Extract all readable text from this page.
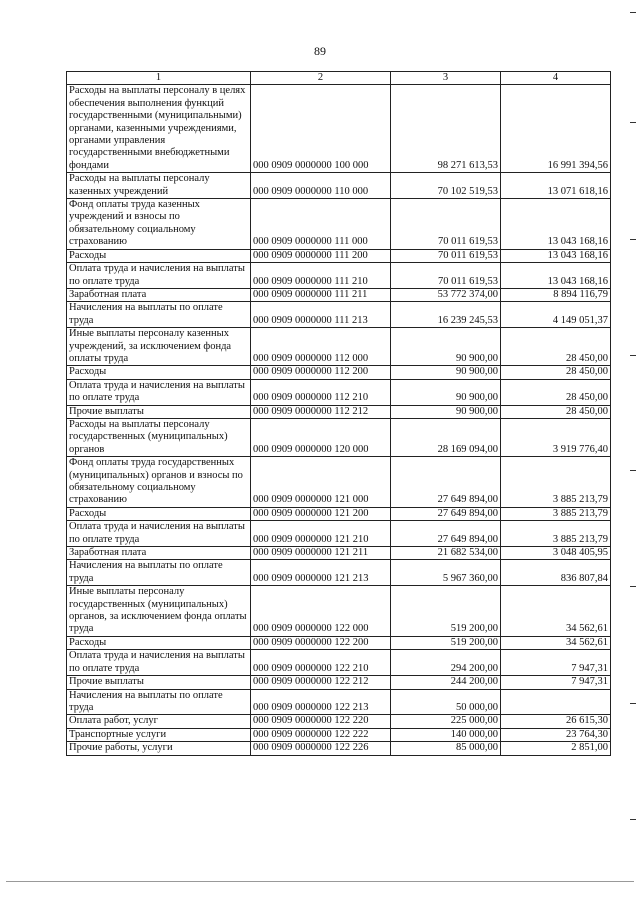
89
1	2	3	4
Расходы на выплаты персоналу в целях обеспечения выполнения функций государственными (муниципальными) органами, казенными учреждениями, органами управления государственными внебюджетными фондами	000 0909 0000000 100 000	98 271 613,53	16 991 394,56
Расходы на выплаты персоналу казенных учреждений	000 0909 0000000 110 000	70 102 519,53	13 071 618,16
Фонд оплаты труда казенных учреждений и взносы по обязательному социальному страхованию	000 0909 0000000 111 000	70 011 619,53	13 043 168,16
Расходы	000 0909 0000000 111 200	70 011 619,53	13 043 168,16
Оплата труда и начисления на выплаты по оплате труда	000 0909 0000000 111 210	70 011 619,53	13 043 168,16
Заработная плата	000 0909 0000000 111 211	53 772 374,00	8 894 116,79
Начисления на выплаты по оплате труда	000 0909 0000000 111 213	16 239 245,53	4 149 051,37
Иные выплаты персоналу казенных учреждений, за исключением фонда оплаты труда	000 0909 0000000 112 000	90 900,00	28 450,00
Расходы	000 0909 0000000 112 200	90 900,00	28 450,00
Оплата труда и начисления на выплаты по оплате труда	000 0909 0000000 112 210	90 900,00	28 450,00
Прочие выплаты	000 0909 0000000 112 212	90 900,00	28 450,00
Расходы на выплаты персоналу государственных (муниципальных) органов	000 0909 0000000 120 000	28 169 094,00	3 919 776,40
Фонд оплаты труда государственных (муниципальных) органов и взносы по обязательному социальному страхованию	000 0909 0000000 121 000	27 649 894,00	3 885 213,79
Расходы	000 0909 0000000 121 200	27 649 894,00	3 885 213,79
Оплата труда и начисления на выплаты по оплате труда	000 0909 0000000 121 210	27 649 894,00	3 885 213,79
Заработная плата	000 0909 0000000 121 211	21 682 534,00	3 048 405,95
Начисления на выплаты по оплате труда	000 0909 0000000 121 213	5 967 360,00	836 807,84
Иные выплаты персоналу государственных (муниципальных) органов, за исключением фонда оплаты труда	000 0909 0000000 122 000	519 200,00	34 562,61
Расходы	000 0909 0000000 122 200	519 200,00	34 562,61
Оплата труда и начисления на выплаты по оплате труда	000 0909 0000000 122 210	294 200,00	7 947,31
Прочие выплаты	000 0909 0000000 122 212	244 200,00	7 947,31
Начисления на выплаты по оплате труда	000 0909 0000000 122 213	50 000,00	
Оплата работ, услуг	000 0909 0000000 122 220	225 000,00	26 615,30
Транспортные услуги	000 0909 0000000 122 222	140 000,00	23 764,30
Прочие работы, услуги	000 0909 0000000 122 226	85 000,00	2 851,00
